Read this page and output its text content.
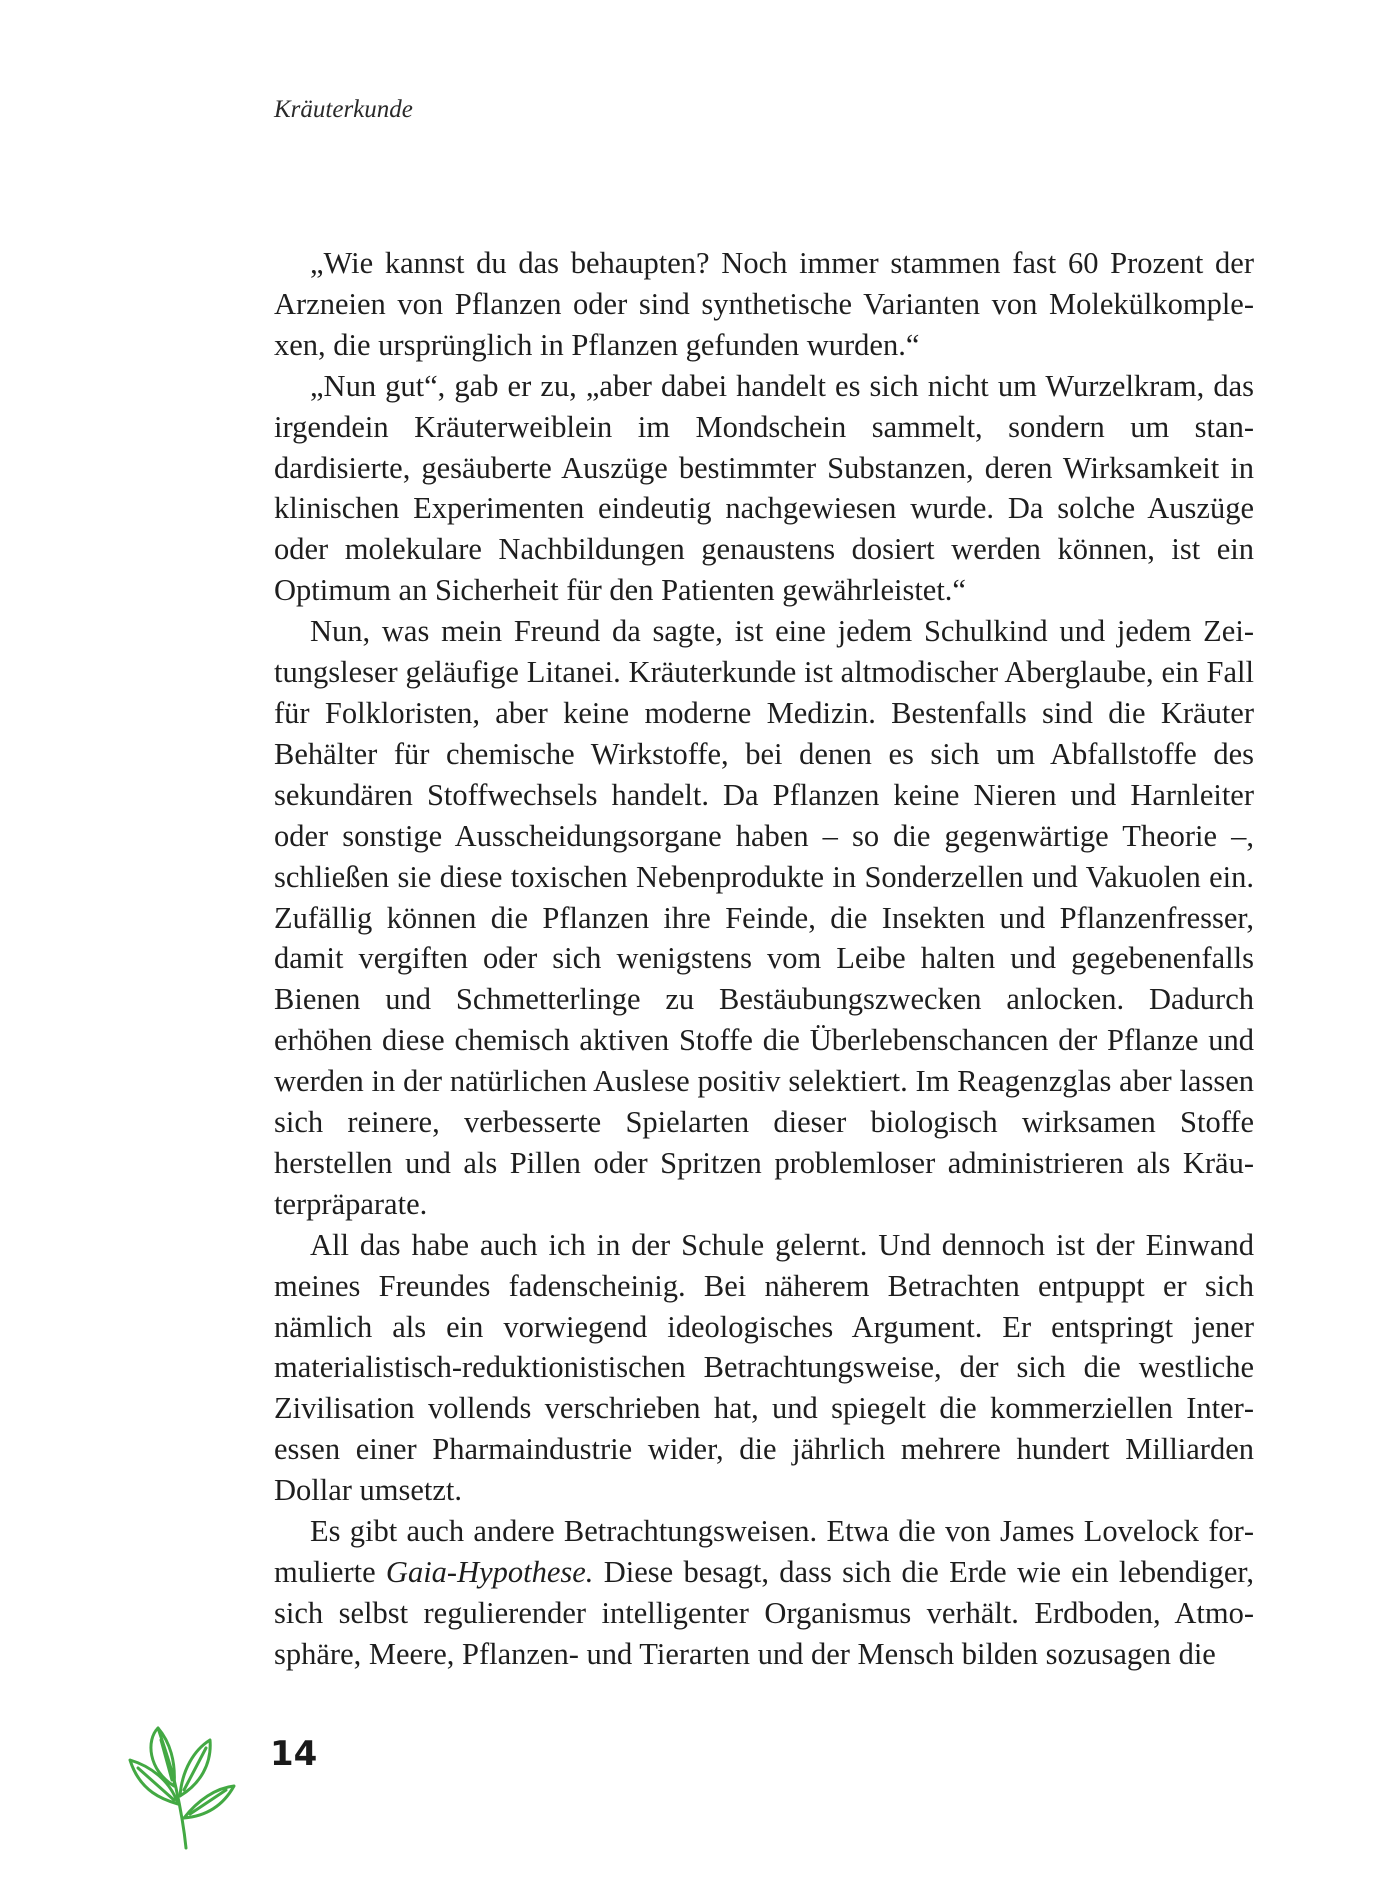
Kräuterkunde

„Wie kannst du das behaupten? Noch immer stammen fast 60 Prozent der Arzneien von Pflanzen oder sind synthetische Varianten von Molekülkomplexen, die ursprünglich in Pflanzen gefunden wurden.“

„Nun gut“, gab er zu, „aber dabei handelt es sich nicht um Wurzelkram, das irgendein Kräuterweiblein im Mondschein sammelt, sondern um standardisierte, gesäuberte Auszüge bestimmter Substanzen, deren Wirksamkeit in klinischen Experimenten eindeutig nachgewiesen wurde. Da solche Auszüge oder molekulare Nachbildungen genaustens dosiert werden können, ist ein Optimum an Sicherheit für den Patienten gewährleistet.“

Nun, was mein Freund da sagte, ist eine jedem Schulkind und jedem Zeitungsleser geläufige Litanei. Kräuterkunde ist altmodischer Aberglaube, ein Fall für Folkloristen, aber keine moderne Medizin. Bestenfalls sind die Kräuter Behälter für chemische Wirkstoffe, bei denen es sich um Abfallstoffe des sekundären Stoffwechsels handelt. Da Pflanzen keine Nieren und Harnleiter oder sonstige Ausscheidungsorgane haben – so die gegenwärtige Theorie –, schließen sie diese toxischen Nebenprodukte in Sonderzellen und Vakuolen ein. Zufällig können die Pflanzen ihre Feinde, die Insekten und Pflanzenfresser, damit vergiften oder sich wenigstens vom Leibe halten und gegebenenfalls Bienen und Schmetterlinge zu Bestäubungszwecken anlocken. Dadurch erhöhen diese chemisch aktiven Stoffe die Überlebenschancen der Pflanze und werden in der natürlichen Auslese positiv selektiert. Im Reagenzglas aber lassen sich reinere, verbesserte Spielarten dieser biologisch wirksamen Stoffe herstellen und als Pillen oder Spritzen problemloser administrieren als Kräuterpräparate.

All das habe auch ich in der Schule gelernt. Und dennoch ist der Einwand meines Freundes fadenscheinig. Bei näherem Betrachten entpuppt er sich nämlich als ein vorwiegend ideologisches Argument. Er entspringt jener materialistisch-reduktionistischen Betrachtungsweise, der sich die westliche Zivilisation vollends verschrieben hat, und spiegelt die kommerziellen Interessen einer Pharmaindustrie wider, die jährlich mehrere hundert Milliarden Dollar umsetzt.

Es gibt auch andere Betrachtungsweisen. Etwa die von James Lovelock formulierte Gaia-Hypothese. Diese besagt, dass sich die Erde wie ein lebendiger, sich selbst regulierender intelligenter Organismus verhält. Erdboden, Atmosphäre, Meere, Pflanzen- und Tierarten und der Mensch bilden sozusagen die

14
